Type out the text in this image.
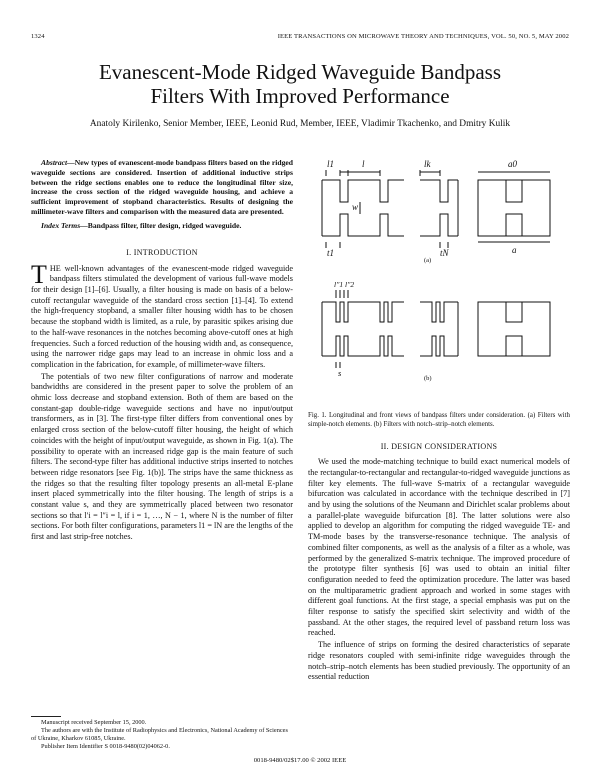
1324	IEEE TRANSACTIONS ON MICROWAVE THEORY AND TECHNIQUES, VOL. 50, NO. 5, MAY 2002
Evanescent-Mode Ridged Waveguide Bandpass
Filters With Improved Performance
Anatoly Kirilenko, Senior Member, IEEE, Leonid Rud, Member, IEEE, Vladimir Tkachenko, and Dmitry Kulik
Abstract—New types of evanescent-mode bandpass filters based on the ridged waveguide sections are considered. Insertion of additional inductive strips between the ridge sections enables one to reduce the longitudinal filter size, increase the cross section of the ridged waveguide housing, and achieve a sufficient improvement of stopband characteristics. Results of designing the millimeter-wave filters and comparison with the measured data are presented.
Index Terms—Bandpass filter, filter design, ridged waveguide.
I. INTRODUCTION

THE well-known advantages of the evanescent-mode ridged waveguide bandpass filters stimulated the development of various full-wave models for their design [1]–[6]. Usually, a filter housing is made on basis of a below-cutoff rectangular waveguide of the standard cross section [1]–[4]. To extend the high-frequency stopband, a smaller filter housing width has to be chosen because the stopband width is limited, as a rule, by parasitic spikes arising due to the half-wave resonances in the notches becoming above-cutoff ones at high frequencies. Such a forced reduction of the housing width and, as consequence, using the narrower ridge gaps may lead to an increase in ohmic loss and a complication in the fabrication, for example, of millimeter-wave filters.

The potentials of two new filter configurations of narrow and moderate bandwidths are considered in the present paper to solve the problem of an ohmic loss decrease and stopband extension. Both of them are based on the constant-gap double-ridge waveguide sections and have no input/output transformers, as in [3]. The first-type filter differs from conventional ones by enlarged cross section of the below-cutoff filter housing, the height of which coincides with the height of input/output waveguide, as shown in Fig. 1(a). The possibility to operate with an increased ridge gap is the main feature of such filters. The second-type filter has additional inductive strips inserted to notches between ridge resonators [see Fig. 1(b)]. The strips have the same thickness as the ridges so that the resulting filter topology presents an all-metal E-plane insert placed symmetrically into the filter housing. The length of strips is a constant value s, and they are symmetrically placed between two resonator sections so that l′i = l″i = l, if i = 1, …, N − 1, where N is the number of filter sections. For both filter configurations, parameters l1 = lN are the lengths of the first and last strip-free notches.

Manuscript received September 15, 2000.
The authors are with the Institute of Radiophysics and Electronics, National Academy of Sciences of Ukraine, Kharkov 61085, Ukraine.
Publisher Item Identifier S 0018-9480(02)04062-0.
l1	l	lk	a0
w
t1	tN	a
(a)
l′′1 l′′2
s
(b)
Fig. 1. Longitudinal and front views of bandpass filters under consideration. (a) Filters with simple-notch elements. (b) Filters with notch–strip–notch elements.
II. DESIGN CONSIDERATIONS

We used the mode-matching technique to build exact numerical models of the rectangular-to-rectangular and rectangular-to-ridged waveguide junctions as filter key elements. The full-wave S-matrix of a rectangular waveguide bifurcation was calculated in accordance with the technique described in [7] and by using the solutions of the Neumann and Dirichlet scalar problems about a parallel-plate waveguide bifurcation [8]. The latter solutions were also applied to develop an algorithm for computing the ridged waveguide TE- and TM-mode bases by the transverse-resonance technique. The analysis of combined filter components, as well as the analysis of a filter as a whole, was performed by the generalized S-matrix technique. The improved procedure of the prototype filter synthesis [6] was used to obtain an initial filter configuration needed to feed the optimization procedure. The latter was based on the multiparametric gradient approach and worked in some stages with different goal functions. At the first stage, a special emphasis was put on the filter response to satisfy the specified skirt selectivity and width of the passband. At the other stages, the required level of passband return loss was reached.

The influence of strips on forming the desired characteristics of separate ridge resonators coupled with semi-infinite ridge waveguides through the notch–strip–notch elements has been studied previously. The opportunity of an essential reduction

0018-9480/02$17.00 © 2002 IEEE
